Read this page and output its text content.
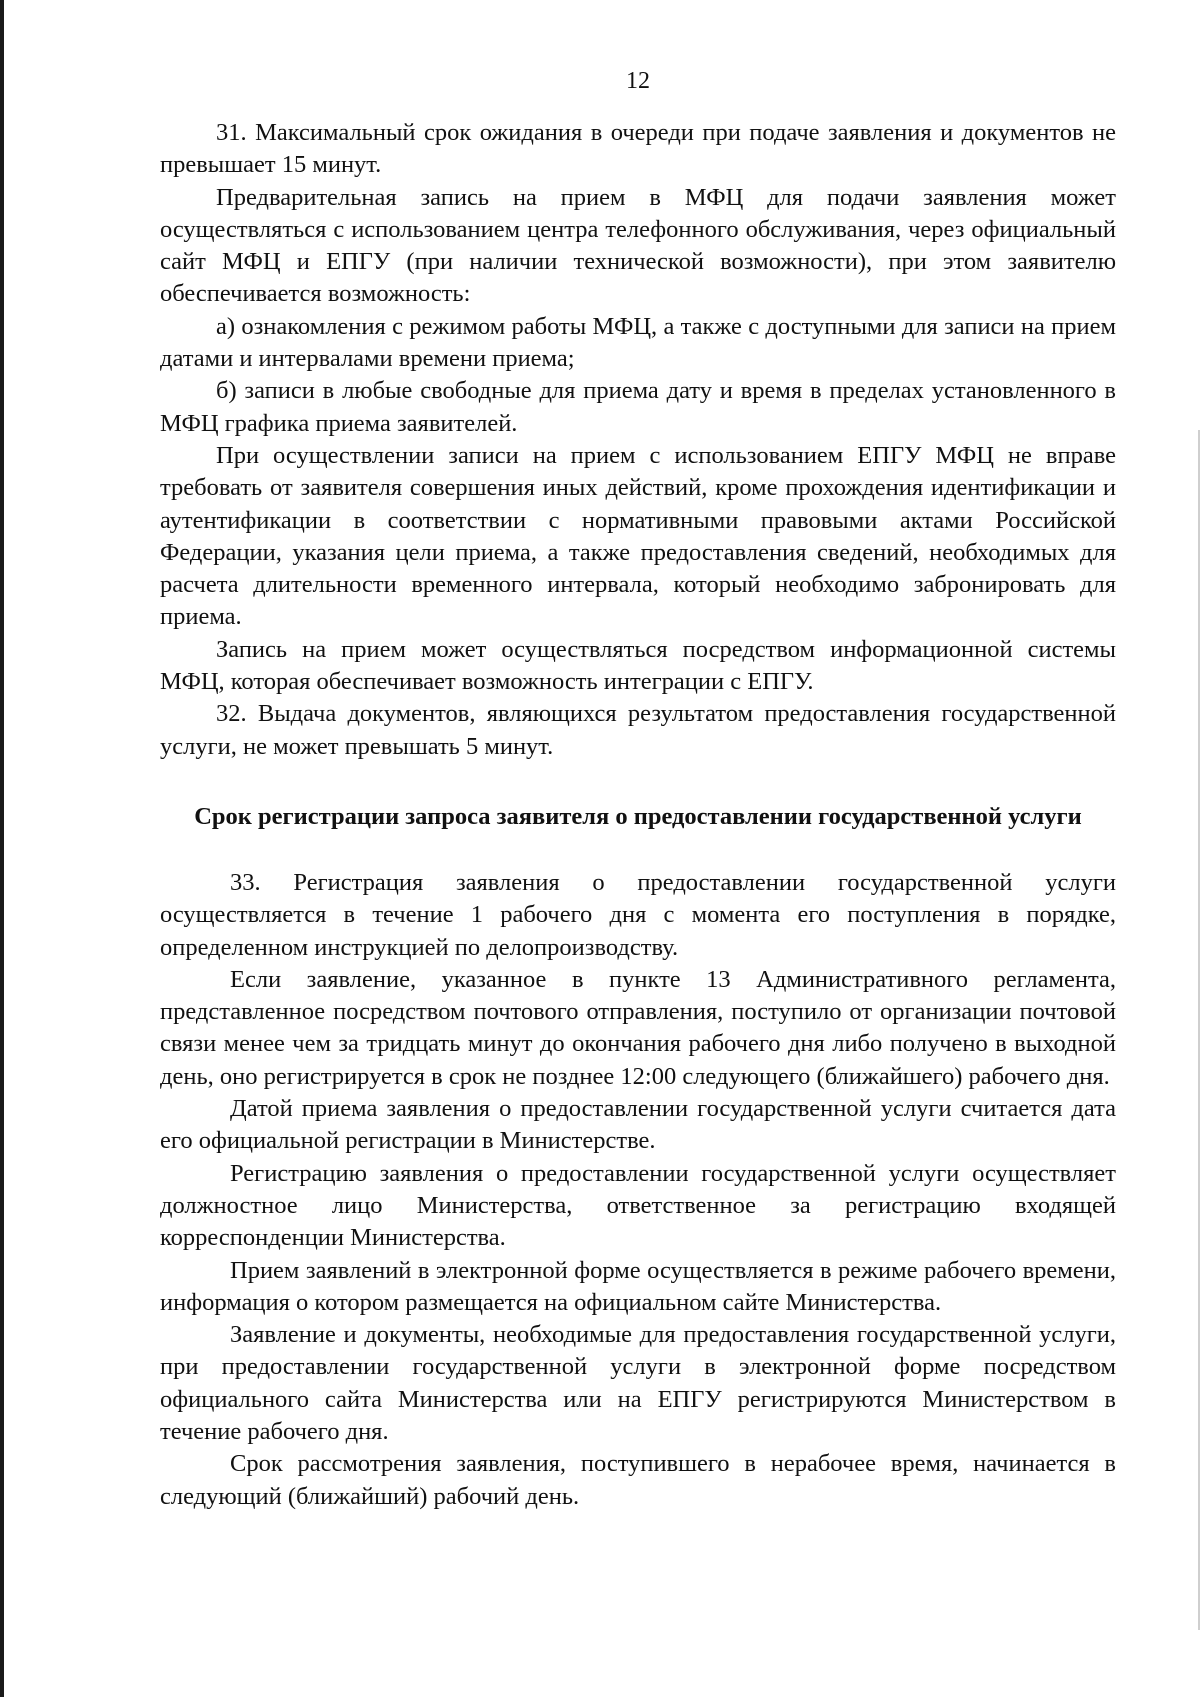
12

31. Максимальный срок ожидания в очереди при подаче заявления и документов не превышает 15 минут.

Предварительная запись на прием в МФЦ для подачи заявления может осуществляться с использованием центра телефонного обслуживания, через официальный сайт МФЦ и ЕПГУ (при наличии технической возможности), при этом заявителю обеспечивается возможность:

а) ознакомления с режимом работы МФЦ, а также с доступными для записи на прием датами и интервалами времени приема;

б) записи в любые свободные для приема дату и время в пределах установленного в МФЦ графика приема заявителей.

При осуществлении записи на прием с использованием ЕПГУ МФЦ не вправе требовать от заявителя совершения иных действий, кроме прохождения идентификации и аутентификации в соответствии с нормативными правовыми актами Российской Федерации, указания цели приема, а также предоставления сведений, необходимых для расчета длительности временного интервала, который необходимо забронировать для приема.

Запись на прием может осуществляться посредством информационной системы МФЦ, которая обеспечивает возможность интеграции с ЕПГУ.

32. Выдача документов, являющихся результатом предоставления государственной услуги, не может превышать 5 минут.

Срок регистрации запроса заявителя о предоставлении государственной услуги

33. Регистрация заявления о предоставлении государственной услуги осуществляется в течение 1 рабочего дня с момента его поступления в порядке, определенном инструкцией по делопроизводству.

Если заявление, указанное в пункте 13 Административного регламента, представленное посредством почтового отправления, поступило от организации почтовой связи менее чем за тридцать минут до окончания рабочего дня либо получено в выходной день, оно регистрируется в срок не позднее 12:00 следующего (ближайшего) рабочего дня.

Датой приема заявления о предоставлении государственной услуги считается дата его официальной регистрации в Министерстве.

Регистрацию заявления о предоставлении государственной услуги осуществляет должностное лицо Министерства, ответственное за регистрацию входящей корреспонденции Министерства.

Прием заявлений в электронной форме осуществляется в режиме рабочего времени, информация о котором размещается на официальном сайте Министерства.

Заявление и документы, необходимые для предоставления государственной услуги, при предоставлении государственной услуги в электронной форме посредством официального сайта Министерства или на ЕПГУ регистрируются Министерством в течение рабочего дня.

Срок рассмотрения заявления, поступившего в нерабочее время, начинается в следующий (ближайший) рабочий день.
